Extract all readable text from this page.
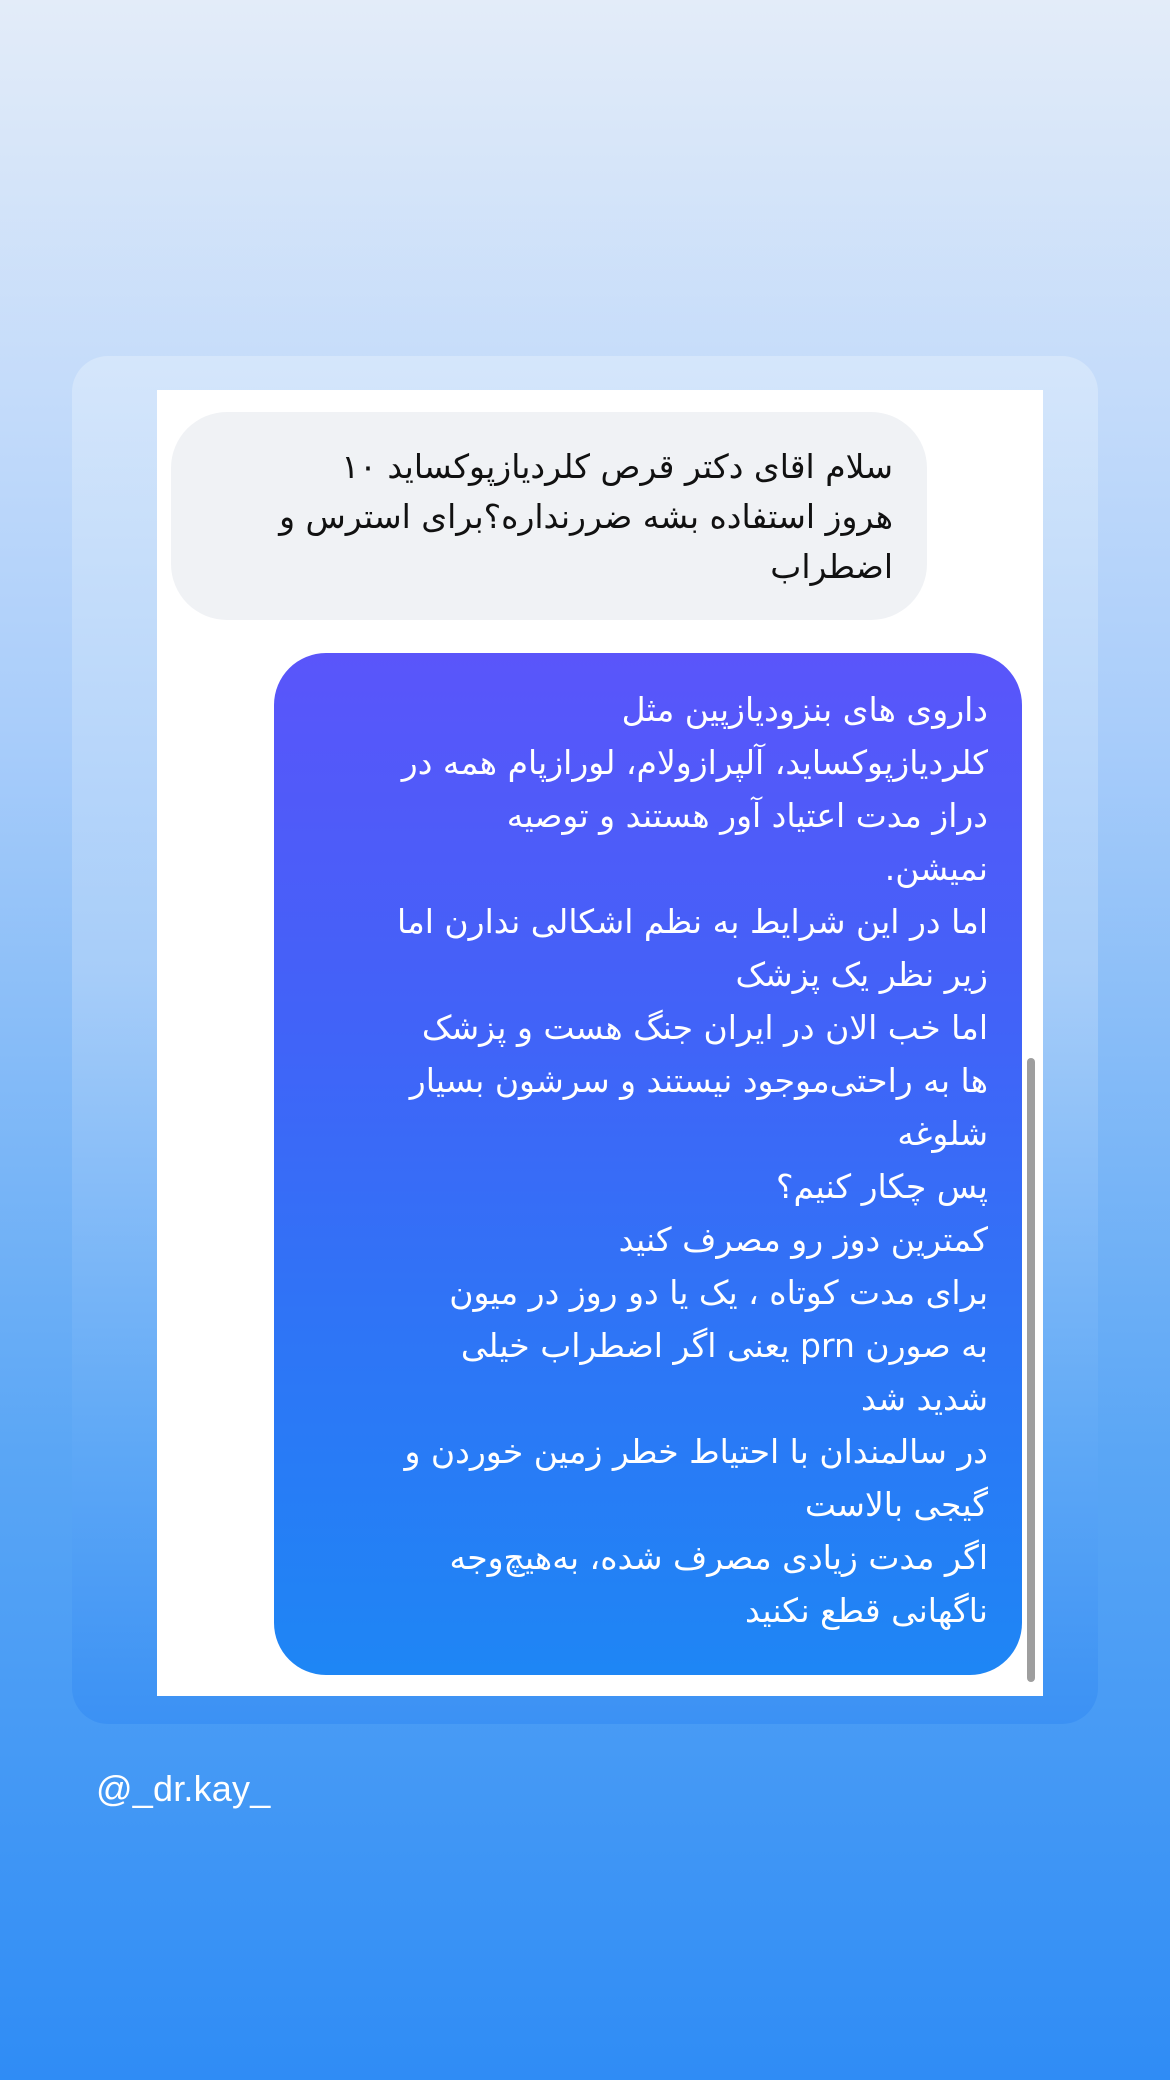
سلام اقای دکتر قرص کلردیازپوکساید ۱۰
هروز استفاده بشه ضررنداره؟برای استرس و
اضطراب
داروی های بنزودیازپین مثل
کلردیازپوکساید، آلپرازولام، لورازپام همه در
دراز مدت اعتیاد آور هستند و توصیه
نمیشن.
اما در این شرایط به نظم اشکالی ندارن اما
زیر نظر یک پزشک
اما خب الان در ایران جنگ هست و پزشک
ها به راحتی‌موجود نیستند و سرشون بسیار
شلوغه
پس چکار کنیم؟
کمترین دوز رو مصرف کنید
برای مدت کوتاه ، یک یا دو روز در میون
به صورن prn یعنی اگر اضطراب خیلی
شدید شد
در سالمندان با احتیاط خطر زمین خوردن و
گیجی بالاست
اگر مدت زیادی مصرف شده، به‌هیچ‌وجه
ناگهانی قطع نکنید
@_dr.kay_
